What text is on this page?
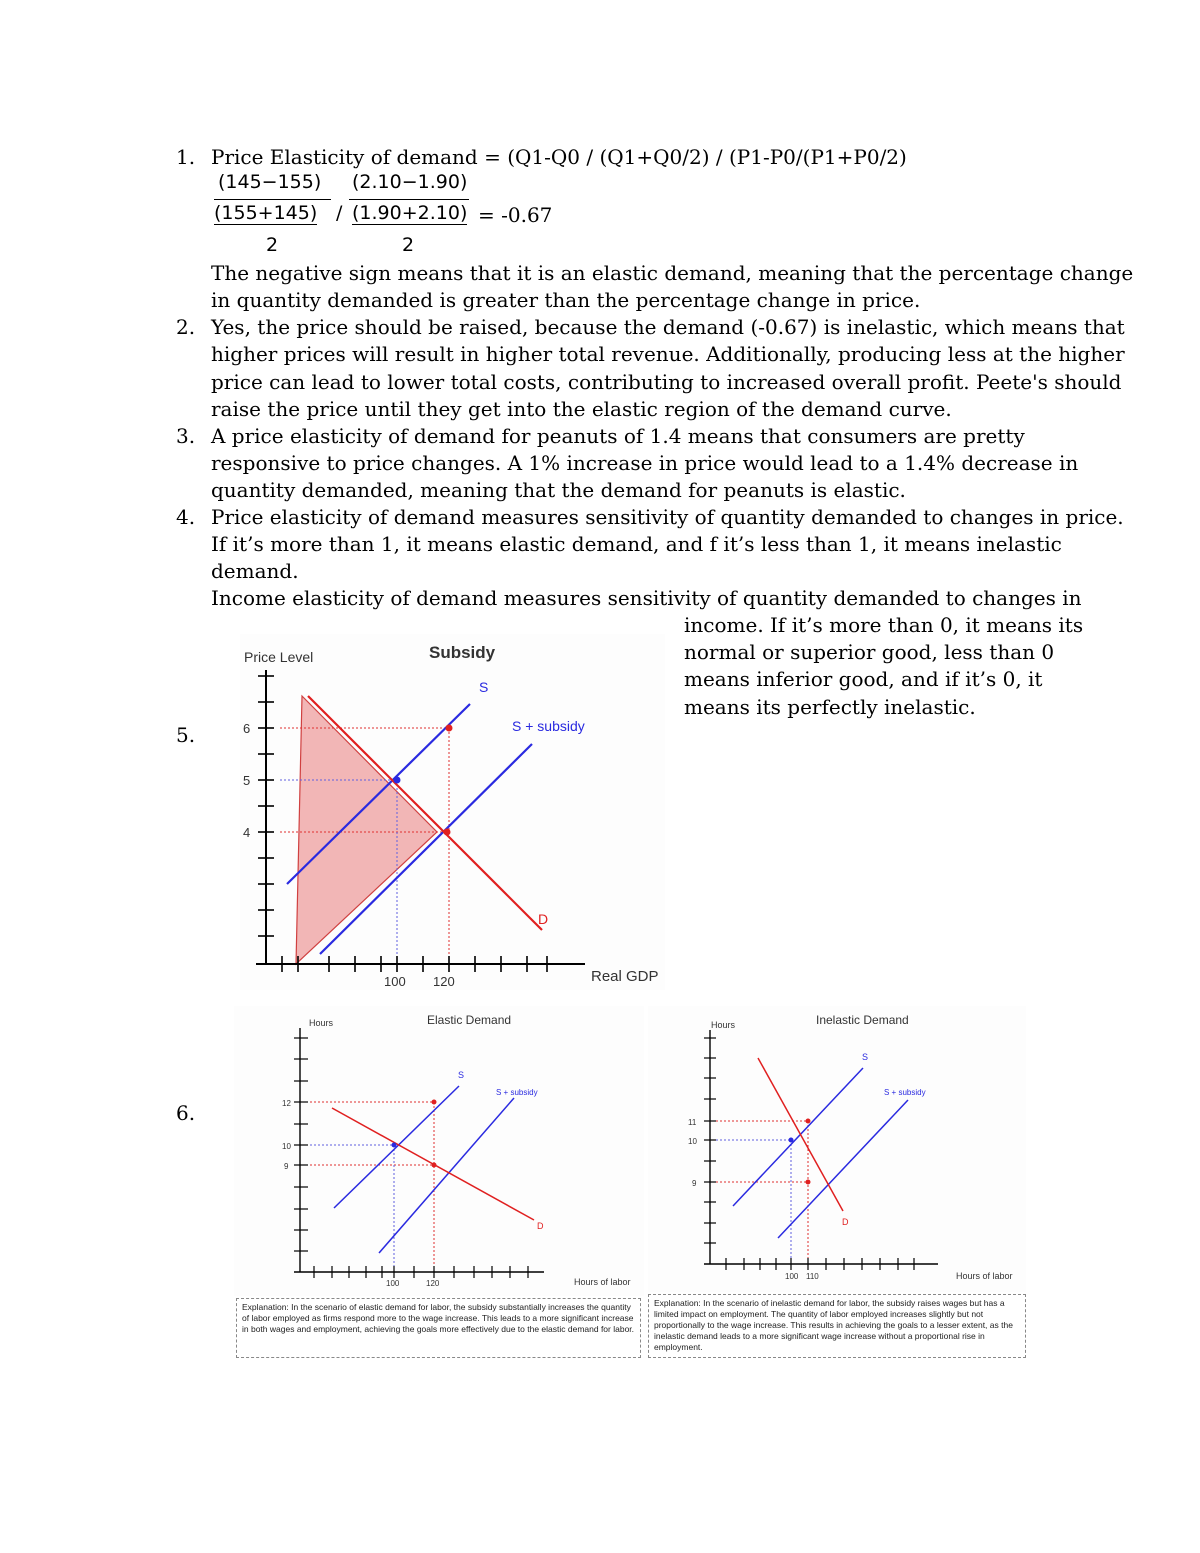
1. Price Elasticity of demand = (Q1-Q0 / (Q1+Q0/2) / (P1-P0/(P1+P0/2)
(145−155) (2.10−1.90)
(155+145) / (1.90+2.10) = -0.67
2	2
The negative sign means that it is an elastic demand, meaning that the percentage change
in quantity demanded is greater than the percentage change in price.
2. Yes, the price should be raised, because the demand (-0.67) is inelastic, which means that
higher prices will result in higher total revenue. Additionally, producing less at the higher
price can lead to lower total costs, contributing to increased overall profit. Peete's should
raise the price until they get into the elastic region of the demand curve.
3. A price elasticity of demand for peanuts of 1.4 means that consumers are pretty
responsive to price changes. A 1% increase in price would lead to a 1.4% decrease in
quantity demanded, meaning that the demand for peanuts is elastic.
4. Price elasticity of demand measures sensitivity of quantity demanded to changes in price.
If it’s more than 1, it means elastic demand, and f it’s less than 1, it means inelastic
demand.
Income elasticity of demand measures sensitivity of quantity demanded to changes in
income. If it’s more than 0, it means its
normal or superior good, less than 0
means inferior good, and if it’s 0, it
means its perfectly inelastic.
5.
6.
Price Level	Subsidy
Real GDP
6
5
4
100 120
S
S + subsidy
D
Hours	Elastic Demand
Hours of labor
12
10
9
100	120
S
S + subsidy
D
Explanation: In the scenario of elastic demand for labor, the subsidy substantially increases the quantity of labor employed as firms respond more to the wage increase. This leads to a more significant increase in both wages and employment, achieving the goals more effectively due to the elastic demand for labor.
Hours	Inelastic Demand
Hours of labor
11
10
9
100 110
S
S + subsidy
D
Explanation: In the scenario of inelastic demand for labor, the subsidy raises wages but has a limited impact on employment. The quantity of labor employed increases slightly but not proportionally to the wage increase. This results in achieving the goals to a lesser extent, as the inelastic demand leads to a more significant wage increase without a proportional rise in employment.
